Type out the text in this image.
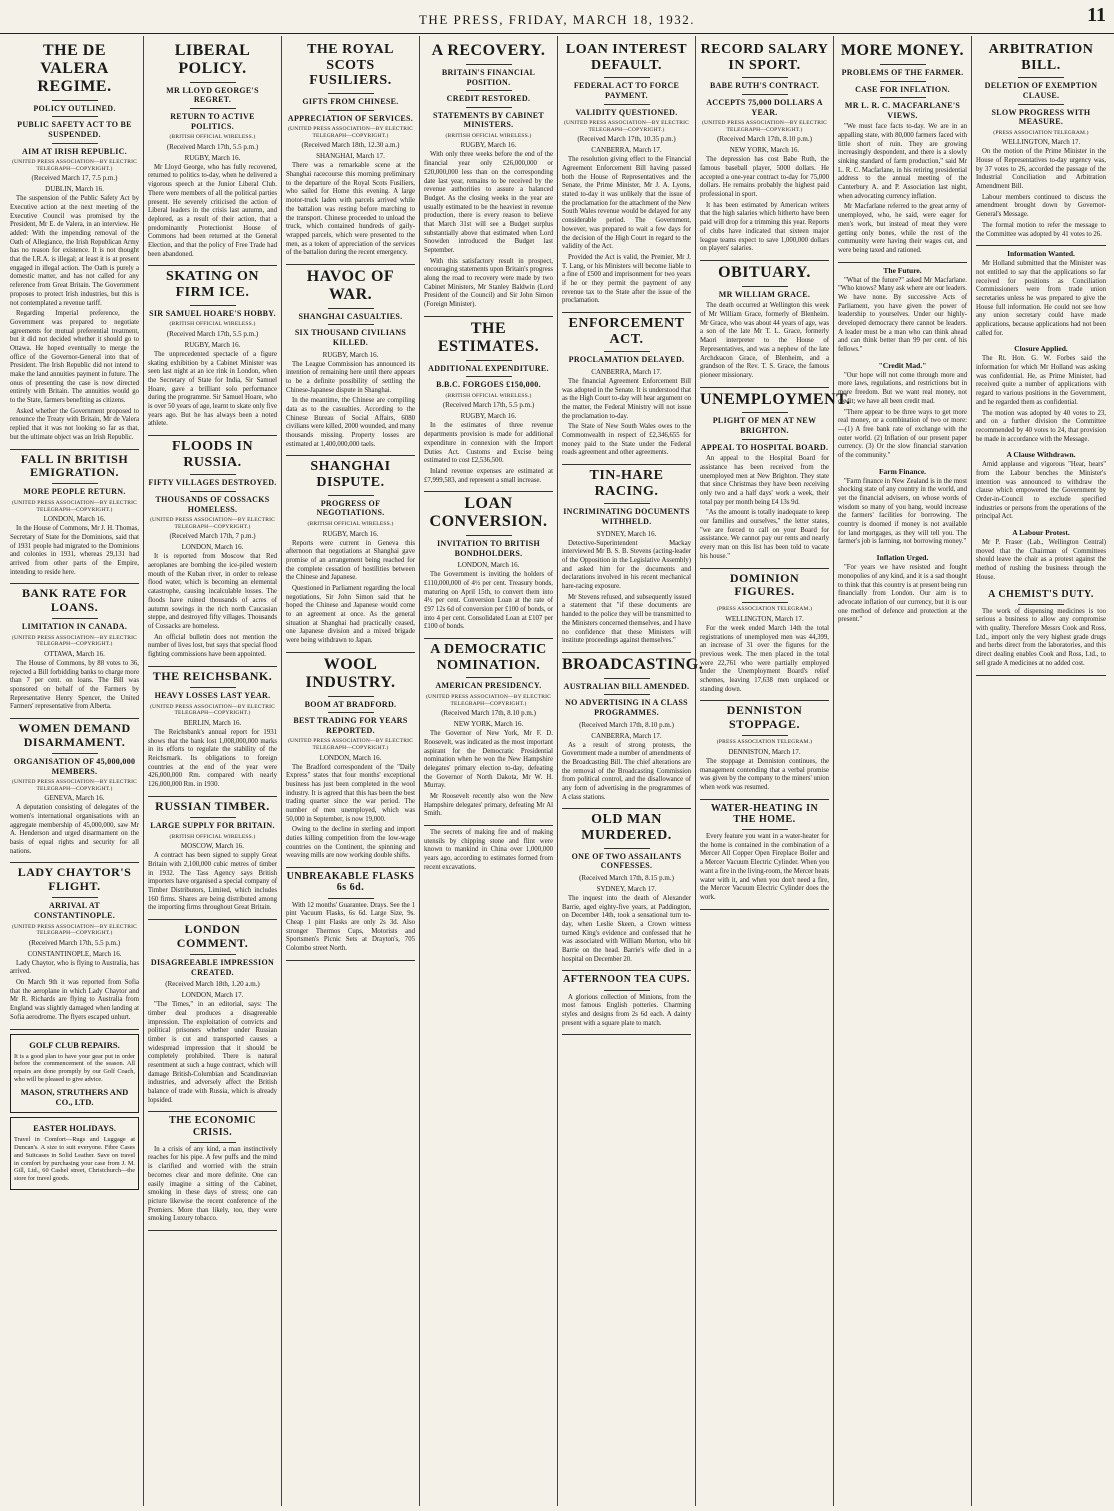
THE PRESS, FRIDAY, MARCH 18, 1932.	11
THE DE VALERA REGIME.
POLICY OUTLINED.
PUBLIC SAFETY ACT TO BE SUSPENDED.
AIM AT IRISH REPUBLIC.
(UNITED PRESS ASSOCIATION—BY ELECTRIC TELEGRAPH—COPYRIGHT.)
(Received March 17, 7.5 p.m.)
DUBLIN, March 16.

The suspension of the Public Safety Act by Executive action at the next meeting of the Executive Council was promised by the President, Mr E. de Valera, in an interview. He added: With the impending removal of the Oath of Allegiance, the Irish Republican Army has no reason for existence. It is not thought that the I.R.A. is illegal; at least it is at present engaged in illegal action. The Oath is purely a domestic matter, and has not called for any reference from Great Britain. The Government proposes to protect Irish industries, but this is not contemplated a revenue tariff.

Regarding Imperial preference, the Government was prepared to negotiate agreements for mutual preferential treatment, but it did not decided whether it should go to Ottawa. He hoped eventually to merge the office of the Governor-General into that of President. The Irish Republic did not intend to make the land annuities payment in future. The onus of presenting the case is now directed entirely with Britain. The annuities would go to the State, farmers benefiting as citizens.

Asked whether the Government proposed to renounce the Treaty with Britain, Mr de Valera replied that it was not looking so far as that, but the ultimate object was an Irish Republic.

FALL IN BRITISH EMIGRATION.
MORE PEOPLE RETURN.
(UNITED PRESS ASSOCIATION—BY ELECTRIC TELEGRAPH—COPYRIGHT.)
LONDON, March 16.

In the House of Commons, Mr J. H. Thomas, Secretary of State for the Dominions, said that of 1931 people had migrated to the Dominions and colonies in 1931, whereas 29,131 had arrived from other parts of the Empire, intending to reside here.

BANK RATE FOR LOANS.
LIMITATION IN CANADA.
(UNITED PRESS ASSOCIATION—BY ELECTRIC TELEGRAPH—COPYRIGHT.)
OTTAWA, March 16.

The House of Commons, by 88 votes to 36, rejected a Bill forbidding banks to charge more than 7 per cent. on loans. The Bill was sponsored on behalf of the Farmers by Representative Henry Spencer, the United Farmers' representative from Alberta.

WOMEN DEMAND DISARMAMENT.
ORGANISATION OF 45,000,000 MEMBERS.
(UNITED PRESS ASSOCIATION—BY ELECTRIC TELEGRAPH—COPYRIGHT.)
GENEVA, March 16.

A deputation consisting of delegates of the women's international organisations with an aggregate membership of 45,000,000, saw Mr A. Henderson and urged disarmament on the basis of equal rights and security for all nations.

LADY CHAYTOR'S FLIGHT.
ARRIVAL AT CONSTANTINOPLE.
(UNITED PRESS ASSOCIATION—BY ELECTRIC TELEGRAPH—COPYRIGHT.)
(Received March 17th, 5.5 p.m.)
CONSTANTINOPLE, March 16.

Lady Chaytor, who is flying to Australia, has arrived.

On March 9th it was reported from Sofia that the aeroplane in which Lady Chaytor and Mr R. Richards are flying to Australia from England was slightly damaged when landing at Sofia aerodrome. The flyers escaped unhurt.

GOLF CLUB REPAIRS.
It is a good plan to have your gear put in order before the commencement of the season. All repairs are done promptly by our Golf Coach, who will be pleased to give advice.
MASON, STRUTHERS AND CO., LTD.
EASTER HOLIDAYS.
Travel in Comfort—Rugs and Luggage at Duncan's. A size to suit everyone. Fibre Cases and Suitcases in Solid Leather. Save on travel in comfort by purchasing your case from J. M. Gill, Ltd., 60 Cashel street, Christchurch—the store for travel goods.
LIBERAL POLICY.
MR LLOYD GEORGE'S REGRET.
RETURN TO ACTIVE POLITICS.
(BRITISH OFFICIAL WIRELESS.)
(Received March 17th, 5.5 p.m.)
RUGBY, March 16.

Mr Lloyd George, who has fully recovered, returned to politics to-day, when he delivered a vigorous speech at the Junior Liberal Club. There were members of all the political parties present. He severely criticised the action of Liberal leaders in the crisis last autumn, and deplored, as a result of their action, that a predominantly Protectionist House of Commons had been returned at the General Election, and that the policy of Free Trade had been abandoned.

SKATING ON FIRM ICE.
SIR SAMUEL HOARE'S HOBBY.
(BRITISH OFFICIAL WIRELESS.)
(Received March 17th, 5.5 p.m.)
RUGBY, March 16.

The unprecedented spectacle of a figure skating exhibition by a Cabinet Minister was seen last night at an ice rink in London, when the Secretary of State for India, Sir Samuel Hoare, gave a brilliant solo performance during the programme. Sir Samuel Hoare, who is over 50 years of age, learnt to skate only five years ago. But he has always been a noted athlete.

FLOODS IN RUSSIA.
FIFTY VILLAGES DESTROYED.
THOUSANDS OF COSSACKS HOMELESS.
(UNITED PRESS ASSOCIATION—BY ELECTRIC TELEGRAPH—COPYRIGHT.)
(Received March 17th, 7 p.m.)
LONDON, March 16.

It is reported from Moscow that Red aeroplanes are bombing the ice-piled western mouth of the Kuban river, in order to release flood water, which is becoming an elemental catastrophe, causing incalculable losses. The floods have ruined thousands of acres of autumn sowings in the rich north Caucasian steppe, and destroyed fifty villages. Thousands of Cossacks are homeless.

An official bulletin does not mention the number of lives lost, but says that special flood fighting commissions have been appointed.

THE REICHSBANK.
HEAVY LOSSES LAST YEAR.
(UNITED PRESS ASSOCIATION—BY ELECTRIC TELEGRAPH—COPYRIGHT.)
BERLIN, March 16.

The Reichsbank's annual report for 1931 shows that the bank lost 1,008,000,000 marks in its efforts to regulate the stability of the Reichsmark. Its obligations to foreign countries at the end of the year were 426,000,000 Rm. compared with nearly 126,000,000 Rm. in 1930.

RUSSIAN TIMBER.
LARGE SUPPLY FOR BRITAIN.
(BRITISH OFFICIAL WIRELESS.)
MOSCOW, March 16.

A contract has been signed to supply Great Britain with 2,100,000 cubic metres of timber in 1932. The Tass Agency says British importers have organised a special company of Timber Distributors, Limited, which includes 160 firms. Shares are being distributed among the importing firms throughout Great Britain.

LONDON COMMENT.
DISAGREEABLE IMPRESSION CREATED.
(Received March 18th, 1.20 a.m.)
LONDON, March 17.

"The Times," in an editorial, says: The timber deal produces a disagreeable impression. The exploitation of convicts and political prisoners whether under Russian timber is cut and transported causes a widespread impression that it should be completely prohibited. There is natural resentment at such a huge contract, which will damage British-Columbian and Scandinavian industries, and adversely affect the British balance of trade with Russia, which is already lopsided.

THE ECONOMIC CRISIS.

In a crisis of any kind, a man instinctively reaches for his pipe. A few puffs and the mind is clarified and worried with the strain becomes clear and more definite. One can easily imagine a sitting of the Cabinet, smoking in these days of stress; one can picture likewise the recent conference of the Premiers. More than likely, too, they were smoking Luxury tobacco.

THE ROYAL SCOTS FUSILIERS.
GIFTS FROM CHINESE.
APPRECIATION OF SERVICES.
(UNITED PRESS ASSOCIATION—BY ELECTRIC TELEGRAPH—COPYRIGHT.)
(Received March 18th, 12.30 a.m.)
SHANGHAI, March 17.

There was a remarkable scene at the Shanghai racecourse this morning preliminary to the departure of the Royal Scots Fusiliers, who sailed for Home this evening. A large motor-truck laden with parcels arrived while the battalion was resting before marching to the transport. Chinese proceeded to unload the truck, which contained hundreds of gaily-wrapped parcels, which were presented to the men, as a token of appreciation of the services of the battalion during the recent emergency.

HAVOC OF WAR.
SHANGHAI CASUALTIES.
SIX THOUSAND CIVILIANS KILLED.
RUGBY, March 16.

The League Commission has announced its intention of remaining here until there appears to be a definite possibility of settling the Chinese-Japanese dispute in Shanghai.

In the meantime, the Chinese are compiling data as to the casualties. According to the Chinese Bureau of Social Affairs, 6080 civilians were killed, 2000 wounded, and many thousands missing. Property losses are estimated at 1,400,000,000 taels.

SHANGHAI DISPUTE.
PROGRESS OF NEGOTIATIONS.
(BRITISH OFFICIAL WIRELESS.)
RUGBY, March 16.

Reports were current in Geneva this afternoon that negotiations at Shanghai gave promise of an arrangement being reached for the complete cessation of hostilities between the Chinese and Japanese.

Questioned in Parliament regarding the local negotiations, Sir John Simon said that he hoped the Chinese and Japanese would come to an agreement at once. As the general situation at Shanghai had practically ceased, one Japanese division and a mixed brigade were being withdrawn to Japan.

WOOL INDUSTRY.
BOOM AT BRADFORD.
BEST TRADING FOR YEARS REPORTED.
(UNITED PRESS ASSOCIATION—BY ELECTRIC TELEGRAPH—COPYRIGHT.)
LONDON, March 16.

The Bradford correspondent of the "Daily Express" states that four months' exceptional business has just been completed in the wool industry. It is agreed that this has been the best trading quarter since the war period. The number of men unemployed, which was 50,000 in September, is now 19,000.

Owing to the decline in sterling and import duties killing competition from the low-wage countries on the Continent, the spinning and weaving mills are now working double shifts.

UNBREAKABLE FLASKS 6s 6d.

With 12 months' Guarantee. Drays. See the 1 pint Vacuum Flasks, 6s 6d. Large Size, 9s. Cheap 1 pint Flasks are only 2s 3d. Also stronger Thermos Cups, Motorists and Sportsmen's Picnic Sets at Drayton's, 705 Colombo street North.

A RECOVERY.
BRITAIN'S FINANCIAL POSITION.
CREDIT RESTORED.
STATEMENTS BY CABINET MINISTERS.
(BRITISH OFFICIAL WIRELESS.)
RUGBY, March 16.

With only three weeks before the end of the financial year only £26,000,000 or £20,000,000 less than on the corresponding date last year, remains to be received by the revenue authorities to assure a balanced Budget. As the closing weeks in the year are usually estimated to be the heaviest in revenue production, there is every reason to believe that March 31st will see a Budget surplus substantially above that estimated when Lord Snowden introduced the Budget last September.

With this satisfactory result in prospect, encouraging statements upon Britain's progress along the road to recovery were made by two Cabinet Ministers, Mr Stanley Baldwin (Lord President of the Council) and Sir John Simon (Foreign Minister).

THE ESTIMATES.
ADDITIONAL EXPENDITURE.
B.B.C. FORGOES £150,000.
(BRITISH OFFICIAL WIRELESS.)
(Received March 17th, 5.5 p.m.)
RUGBY, March 16.

In the estimates of three revenue departments provision is made for additional expenditure in connexion with the Import Duties Act. Customs and Excise being estimated to cost £2,536,500.

Inland revenue expenses are estimated at £7,999,583, and represent a small increase.

LOAN CONVERSION.
INVITATION TO BRITISH BONDHOLDERS.
LONDON, March 16.

The Government is inviting the holders of £110,000,000 of 4½ per cent. Treasury bonds, maturing on April 15th, to convert them into 4½ per cent. Conversion Loan at the rate of £97 12s 6d of conversion per £100 of bonds, or into 4 per cent. Consolidated Loan at £107 per £100 of bonds.

A DEMOCRATIC NOMINATION.
AMERICAN PRESIDENCY.
(UNITED PRESS ASSOCIATION—BY ELECTRIC TELEGRAPH—COPYRIGHT.)
(Received March 17th, 8.10 p.m.)
NEW YORK, March 16.

The Governor of New York, Mr F. D. Roosevelt, was indicated as the most important aspirant for the Democratic Presidential nomination when he won the New Hampshire delegates' primary election to-day, defeating the Governor of North Dakota, Mr W. H. Murray.

Mr Roosevelt recently also won the New Hampshire delegates' primary, defeating Mr Al Smith.

The secrets of making fire and of making utensils by chipping stone and flint were known to mankind in China over 1,000,000 years ago, according to estimates formed from recent excavations.

LOAN INTEREST DEFAULT.
FEDERAL ACT TO FORCE PAYMENT.
VALIDITY QUESTIONED.
(UNITED PRESS ASSOCIATION—BY ELECTRIC TELEGRAPH—COPYRIGHT.)
(Received March 17th, 10.35 p.m.)
CANBERRA, March 17.

The resolution giving effect to the Financial Agreement Enforcement Bill having passed both the House of Representatives and the Senate, the Prime Minister, Mr J. A. Lyons, stated to-day it was unlikely that the issue of the proclamation for the attachment of the New South Wales revenue would be delayed for any considerable period. The Government, however, was prepared to wait a few days for the decision of the High Court in regard to the validity of the Act.

Provided the Act is valid, the Premier, Mr J. T. Lang, or his Ministers will become liable to a fine of £500 and imprisonment for two years if he or they permit the payment of any revenue tax to the State after the issue of the proclamation.

ENFORCEMENT ACT.
PROCLAMATION DELAYED.
CANBERRA, March 17.

The financial Agreement Enforcement Bill was adopted in the Senate. It is understood that as the High Court to-day will hear argument on the matter, the Federal Ministry will not issue the proclamation to-day.

The State of New South Wales owes to the Commonwealth in respect of £2,346,655 for money paid to the State under the Federal roads agreement and other agreements.

TIN-HARE RACING.
INCRIMINATING DOCUMENTS WITHHELD.
SYDNEY, March 16.

Detective-Superintendent Mackay interviewed Mr B. S. B. Stevens (acting-leader of the Opposition in the Legislative Assembly) and asked him for the documents and declarations involved in his recent mechanical hare-racing exposure.

Mr Stevens refused, and subsequently issued a statement that "if these documents are handed to the police they will be transmitted to the Ministers concerned themselves, and I have no confidence that these Ministers will institute proceedings against themselves."

BROADCASTING.
AUSTRALIAN BILL AMENDED.
NO ADVERTISING IN A CLASS PROGRAMMES.
(Received March 17th, 8.10 p.m.)
CANBERRA, March 17.

As a result of strong protests, the Government made a number of amendments of the Broadcasting Bill. The chief alterations are the removal of the Broadcasting Commission from political control, and the disallowance of any form of advertising in the programmes of A class stations.

OLD MAN MURDERED.
ONE OF TWO ASSAILANTS CONFESSES.
(Received March 17th, 8.15 p.m.)
SYDNEY, March 17.

The inquest into the death of Alexander Barrie, aged eighty-five years, at Paddington, on December 14th, took a sensational turn to-day, when Leslie Skeen, a Crown witness turned King's evidence and confessed that he was associated with William Morton, who bit Barrie on the head. Barrie's wife died in a hospital on December 20.

AFTERNOON TEA CUPS.

A glorious collection of Minions, from the most famous English potteries. Charming styles and designs from 2s 6d each. A dainty present with a square plate to match.

RECORD SALARY IN SPORT.
BABE RUTH'S CONTRACT.
ACCEPTS 75,000 DOLLARS A YEAR.
(UNITED PRESS ASSOCIATION—BY ELECTRIC TELEGRAPH—COPYRIGHT.)
(Received March 17th, 8.10 p.m.)
NEW YORK, March 16.

The depression has cost Babe Ruth, the famous baseball player, 5000 dollars. He accepted a one-year contract to-day for 75,000 dollars. He remains probably the highest paid professional in sport.

It has been estimated by American writers that the high salaries which hitherto have been paid will drop for a trimming this year. Reports of clubs have indicated that sixteen major league teams expect to save 1,000,000 dollars on players' salaries.

OBITUARY.
MR WILLIAM GRACE.

The death occurred at Wellington this week of Mr William Grace, formerly of Blenheim. Mr Grace, who was about 44 years of age, was a son of the late Mr T. L. Grace, formerly Maori interpreter to the House of Representatives, and was a nephew of the late Archdeacon Grace, of Blenheim, and a grandson of the Rev. T. S. Grace, the famous pioneer missionary.

UNEMPLOYMENT.
PLIGHT OF MEN AT NEW BRIGHTON.
APPEAL TO HOSPITAL BOARD.

An appeal to the Hospital Board for assistance has been received from the unemployed men at New Brighton. They state that since Christmas they have been receiving only two and a half days' work a week, their total pay per month being £4 13s 9d.

"As the amount is totally inadequate to keep our families and ourselves," the letter states, "we are forced to call on your Board for assistance. We cannot pay our rents and nearly every man on this list has been told to vacate his house."

DOMINION FIGURES.
(PRESS ASSOCIATION TELEGRAM.)
WELLINGTON, March 17.

For the week ended March 14th the total registrations of unemployed men was 44,399, an increase of 31 over the figures for the previous week. The men placed in the total were 22,761 who were partially employed under the Unemployment Board's relief schemes, leaving 17,638 men unplaced or standing down.

DENNISTON STOPPAGE.
(PRESS ASSOCIATION TELEGRAM.)
DENNISTON, March 17.

The stoppage at Denniston continues, the management contending that a verbal promise was given by the company to the miners' union when work was resumed.

WATER-HEATING IN THE HOME.

Every feature you want in a water-heater for the home is contained in the combination of a Mercer All Copper Open Fireplace Boiler and a Mercer Vacuum Electric Cylinder. When you want a fire in the living-room, the Mercer heats water with it, and when you don't need a fire, the Mercer Vacuum Electric Cylinder does the work.

MORE MONEY.
PROBLEMS OF THE FARMER.
CASE FOR INFLATION.
MR L. R. C. MACFARLANE'S VIEWS.

"We must face facts to-day. We are in an appalling state, with 80,000 farmers faced with little short of ruin. They are growing increasingly despondent, and there is a slowly sinking standard of farm production," said Mr L. R. C. Macfarlane, in his retiring presidential address to the annual meeting of the Canterbury A. and P. Association last night, when advocating currency inflation.

Mr Macfarlane referred to the great army of unemployed, who, he said, were eager for men's work, but instead of meat they were getting only bones, while the rest of the community were having their wages cut, and were being taxed and rationed.

The Future.

"What of the future?" asked Mr Macfarlane. "Who knows? Many ask where are our leaders. We have none. By successive Acts of Parliament, you have given the power of leadership to yourselves. Under our highly-developed democracy there cannot be leaders. A leader must be a man who can think ahead and can think better than 99 per cent. of his fellows."

"Credit Mad."

"Our hope will not come through more and more laws, regulations, and restrictions but in more freedom. But we want real money, not credit; we have all been credit mad.

"There appear to be three ways to get more real money, or a combination of two or more:—(1) A free bank rate of exchange with the outer world. (2) Inflation of our present paper currency. (3) Or the slow financial starvation of the community."

Farm Finance.

"Farm finance in New Zealand is in the most shocking state of any country in the world, and yet the financial advisers, on whose words of wisdom so many of you hang, would increase the farmers' facilities for borrowing. The country is doomed if money is not available for land mortgages, as they will tell you. The farmer's job is farming, not borrowing money."

Inflation Urged.

"For years we have resisted and fought monopolies of any kind, and it is a sad thought to think that this country is at present being run financially from London. Our aim is to advocate inflation of our currency, but it is our one method of defence and protection at the present."

ARBITRATION BILL.
DELETION OF EXEMPTION CLAUSE.
SLOW PROGRESS WITH MEASURE.
(PRESS ASSOCIATION TELEGRAM.)
WELLINGTON, March 17.

On the motion of the Prime Minister in the House of Representatives to-day urgency was, by 37 votes to 26, accorded the passage of the Industrial Conciliation and Arbitration Amendment Bill.

Labour members continued to discuss the amendment brought down by Governor-General's Message.

The formal motion to refer the message to the Committee was adopted by 41 votes to 26.

Information Wanted.

Mr Holland submitted that the Minister was not entitled to say that the applications so far received for positions as Conciliation Commissioners were from trade union secretaries unless he was prepared to give the House full information. He could not see how any union secretary could have made applications, because applications had not been called for.

Closure Applied.

The Rt. Hon. G. W. Forbes said the information for which Mr Holland was asking was confidential. He, as Prime Minister, had received quite a number of applications with regard to various positions in the Government, and he regarded them as confidential.

The motion was adopted by 40 votes to 23, and on a further division the Committee recommended by 40 votes to 24, that provision be made in accordance with the Message.

A Clause Withdrawn.

Amid applause and vigorous "Hear, hears" from the Labour benches the Minister's intention was announced to withdraw the clause which empowered the Government by Order-in-Council to exclude specified industries or persons from the operations of the principal Act.

A Labour Protest.

Mr P. Fraser (Lab., Wellington Central) moved that the Chairman of Committees should leave the chair as a protest against the method of rushing the business through the House.

A CHEMIST'S DUTY.

The work of dispensing medicines is too serious a business to allow any compromise with quality. Therefore Messrs Cook and Ross, Ltd., import only the very highest grade drugs and herbs direct from the laboratories, and this direct dealing enables Cook and Ross, Ltd., to sell grade A medicines at no added cost.
